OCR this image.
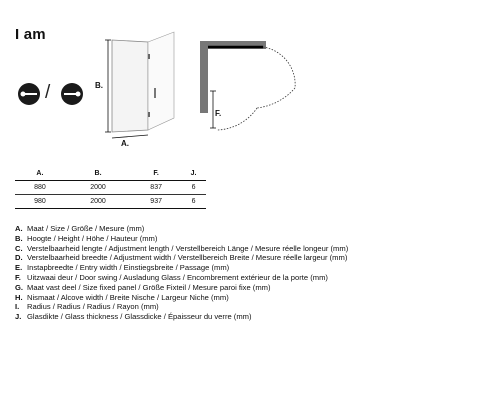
I am
/	B.
A.
F.
A.	B.	F.	J.
880	2000	837	6
980	2000	937	6
A. Maat / Size / Größe / Mesure (mm)
B. Hoogte / Height / Höhe / Hauteur (mm)
C. Verstelbaarheid lengte / Adjustment length / Verstellbereich Länge / Mesure réelle longeur (mm)
D. Verstelbaarheid breedte / Adjustment width / Verstellbereich Breite / Mesure réelle largeur (mm)
E. Instapbreedte / Entry width / Einstiegsbreite / Passage (mm)
F. Uitzwaai deur / Door swing / Ausladung Glass / Encombrement extérieur de la porte (mm)
G. Maat vast deel / Size fixed panel / Größe Fixteil / Mesure paroi fixe (mm)
H. Nismaat / Alcove width / Breite Nische / Largeur Niche (mm)
I. Radius / Radius / Radius / Rayon (mm)
J. Glasdikte / Glass thickness / Glassdicke / Épaisseur du verre (mm)
